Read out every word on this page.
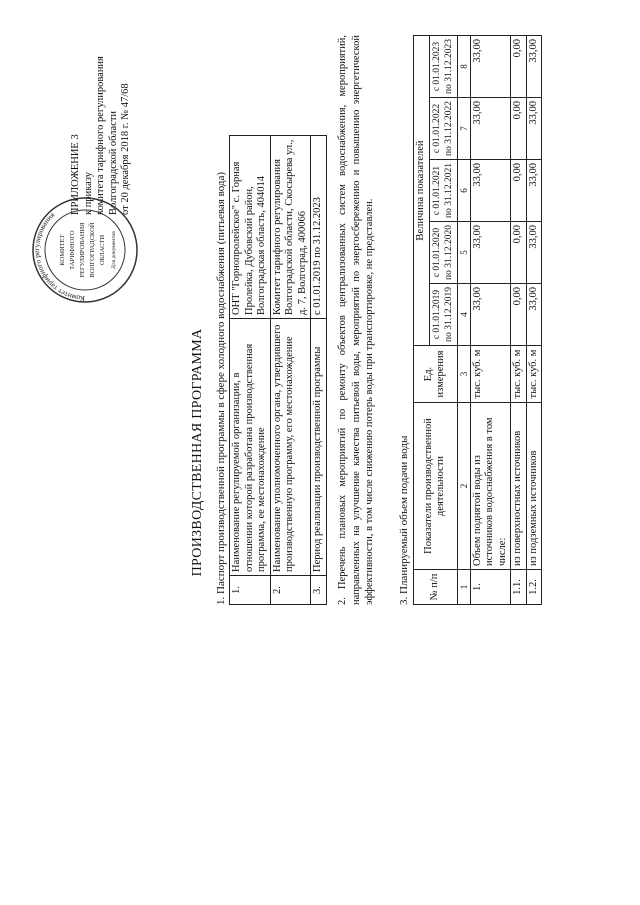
ПРИЛОЖЕНИЕ 3 к приказу комитета тарифного регулирования Волгоградской области от 20 декабря 2018 г. № 47/68
Комитет тарифного регулирования
КОМИТЕТ ТАРИФНОГО РЕГУЛИРОВАНИЯ ВОЛГОГРАДСКОЙ ОБЛАСТИ Для документов
ПРОИЗВОДСТВЕННАЯ ПРОГРАММА 1. Паспорт производственной программы в сфере холодного водоснабжения (питьевая вода) 1.	Наименование регулируемой организации, в отношении которой разработана производственная программа, ее местонахождение	ОНТ "Горнопролейское" с. Горная Пролейка, Дубовский район, Волгоградская область, 404014
2.	Наименование уполномоченного органа, утвердившего производственную программу, его местонахождение	Комитет тарифного регулирования Волгоградской области, Скосырева ул., д. 7, Волгоград, 400066
3.	Период реализации производственной программы	с 01.01.2019 по 31.12.2023 2. Перечень плановых мероприятий по ремонту объектов централизованных систем водоснабжения, мероприятий, направленных на улучшение качества питьевой воды, мероприятий по энергосбережению и повышению энергетической эффективности, в том числе снижению потерь воды при транспортировке, не представлен. 3. Планируемый объем подачи воды № п/п	Показатели производственной деятельности	Ед. измерения	Величина показателей				
			с 01.01.2019 по 31.12.2019	с 01.01.2020 по 31.12.2020	с 01.01.2021 по 31.12.2021	с 01.01.2022 по 31.12.2022	с 01.01.2023 по 31.12.2023
1	2	3	4	5	6	7	8
1.	Объем поднятой воды из источников водоснабжения в том числе:	тыс. куб. м	33,00	33,00	33,00	33,00	33,00
1.1.	из поверхностных источников	тыс. куб. м	0,00	0,00	0,00	0,00	0,00
1.2.	из подземных источников	тыс. куб. м	33,00	33,00	33,00	33,00	33,00
